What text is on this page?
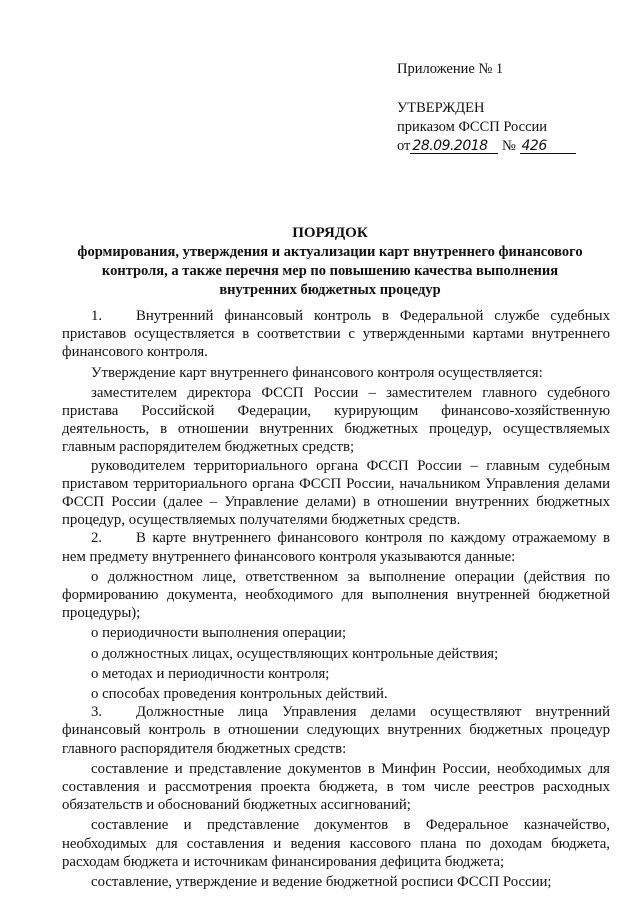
Приложение № 1
УТВЕРЖДЕН
приказом ФССП России
от 28.09.2018 № 426
ПОРЯДОК
формирования, утверждения и актуализации карт внутреннего финансового
контроля, а также перечня мер по повышению качества выполнения
внутренних бюджетных процедур

1. Внутренний финансовый контроль в Федеральной службе судебных приставов осуществляется в соответствии с утвержденными картами внутреннего финансового контроля.

Утверждение карт внутреннего финансового контроля осуществляется:

заместителем директора ФССП России – заместителем главного судебного пристава Российской Федерации, курирующим финансово-хозяйственную деятельность, в отношении внутренних бюджетных процедур, осуществляемых главным распорядителем бюджетных средств;

руководителем территориального органа ФССП России – главным судебным приставом территориального органа ФССП России, начальником Управления делами ФССП России (далее – Управление делами) в отношении внутренних бюджетных процедур, осуществляемых получателями бюджетных средств.

2. В карте внутреннего финансового контроля по каждому отражаемому в нем предмету внутреннего финансового контроля указываются данные:

о должностном лице, ответственном за выполнение операции (действия по формированию документа, необходимого для выполнения внутренней бюджетной процедуры);

о периодичности выполнения операции;

о должностных лицах, осуществляющих контрольные действия;

о методах и периодичности контроля;

о способах проведения контрольных действий.

3. Должностные лица Управления делами осуществляют внутренний финансовый контроль в отношении следующих внутренних бюджетных процедур главного распорядителя бюджетных средств:

составление и представление документов в Минфин России, необходимых для составления и рассмотрения проекта бюджета, в том числе реестров расходных обязательств и обоснований бюджетных ассигнований;

составление и представление документов в Федеральное казначейство, необходимых для составления и ведения кассового плана по доходам бюджета, расходам бюджета и источникам финансирования дефицита бюджета;

составление, утверждение и ведение бюджетной росписи ФССП России;
